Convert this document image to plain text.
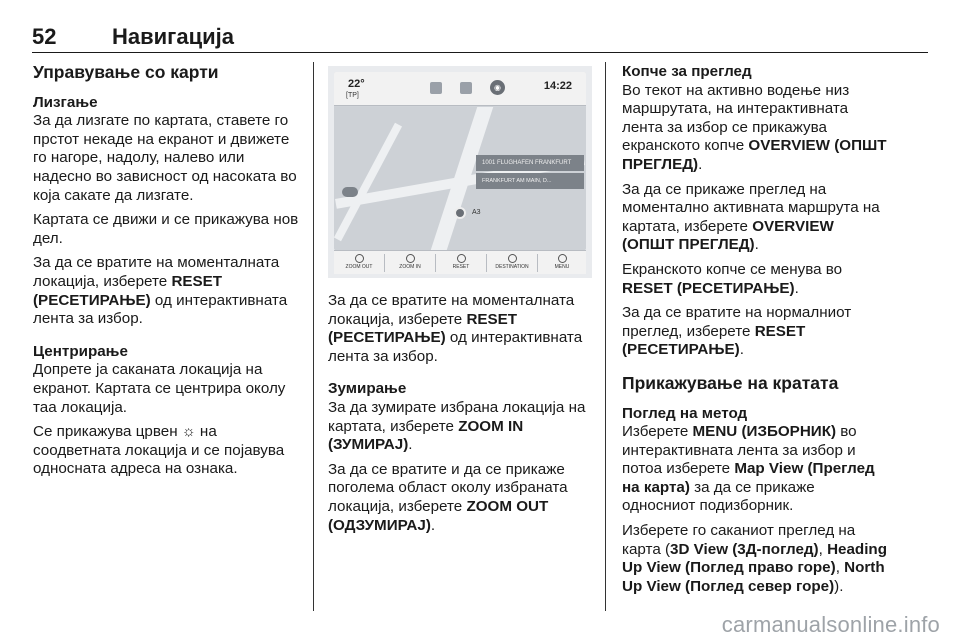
52	Навигација
Управување со карти
Лизгање

За да лизгате по картата, ставете го прстот некаде на екранот и движете го нагоре, надолу, налево или надесно во зависност од насоката во која сакате да лизгате.

Картата се движи и се прикажува нов дел.

За да се вратите на моменталната локација, изберете RESET (РЕСЕТИРАЊЕ) од интерактивната лента за избор.

Центрирање

Допрете ја саканата локација на екранот. Картата се центрира околу таа локација.

Се прикажува црвен ☼ на соодветната локација и се појавува односната адреса на ознака.

22°
[TP]
◉	14:22
1001 FLUGHAFEN FRANKFURT
FRANKFURT AM MAIN, D...
A3
ZOOM OUT	ZOOM IN	RESET	DESTINATION	MENU

За да се вратите на моменталната локација, изберете RESET (РЕСЕТИРАЊЕ) од интерактивната лента за избор.

Зумирање

За да зумирате избрана локација на картата, изберете ZOOM IN (ЗУМИРАЈ).

За да се вратите и да се прикаже поголема област околу избраната локација, изберете ZOOM OUT (ОДЗУМИРАЈ).

Копче за преглед

Во текот на активно водење низ маршрутата, на интерактивната лента за избор се прикажува екранското копче OVERVIEW (ОПШТ ПРЕГЛЕД).

За да се прикаже преглед на моментално активната маршрута на картата, изберете OVERVIEW (ОПШТ ПРЕГЛЕД).

Екранското копче се менува во RESET (РЕСЕТИРАЊЕ).

За да се вратите на нормалниот преглед, изберете RESET (РЕСЕТИРАЊЕ).

Прикажување на кратата
Поглед на метод

Изберете MENU (ИЗБОРНИК) во интерактивната лента за избор и потоа изберете Map View (Преглед на карта) за да се прикаже односниот подизборник.

Изберете го саканиот преглед на карта (3D View (3Д-поглед), Heading Up View (Поглед право горе), North Up View (Поглед север горе)).

carmanualsonline.info
